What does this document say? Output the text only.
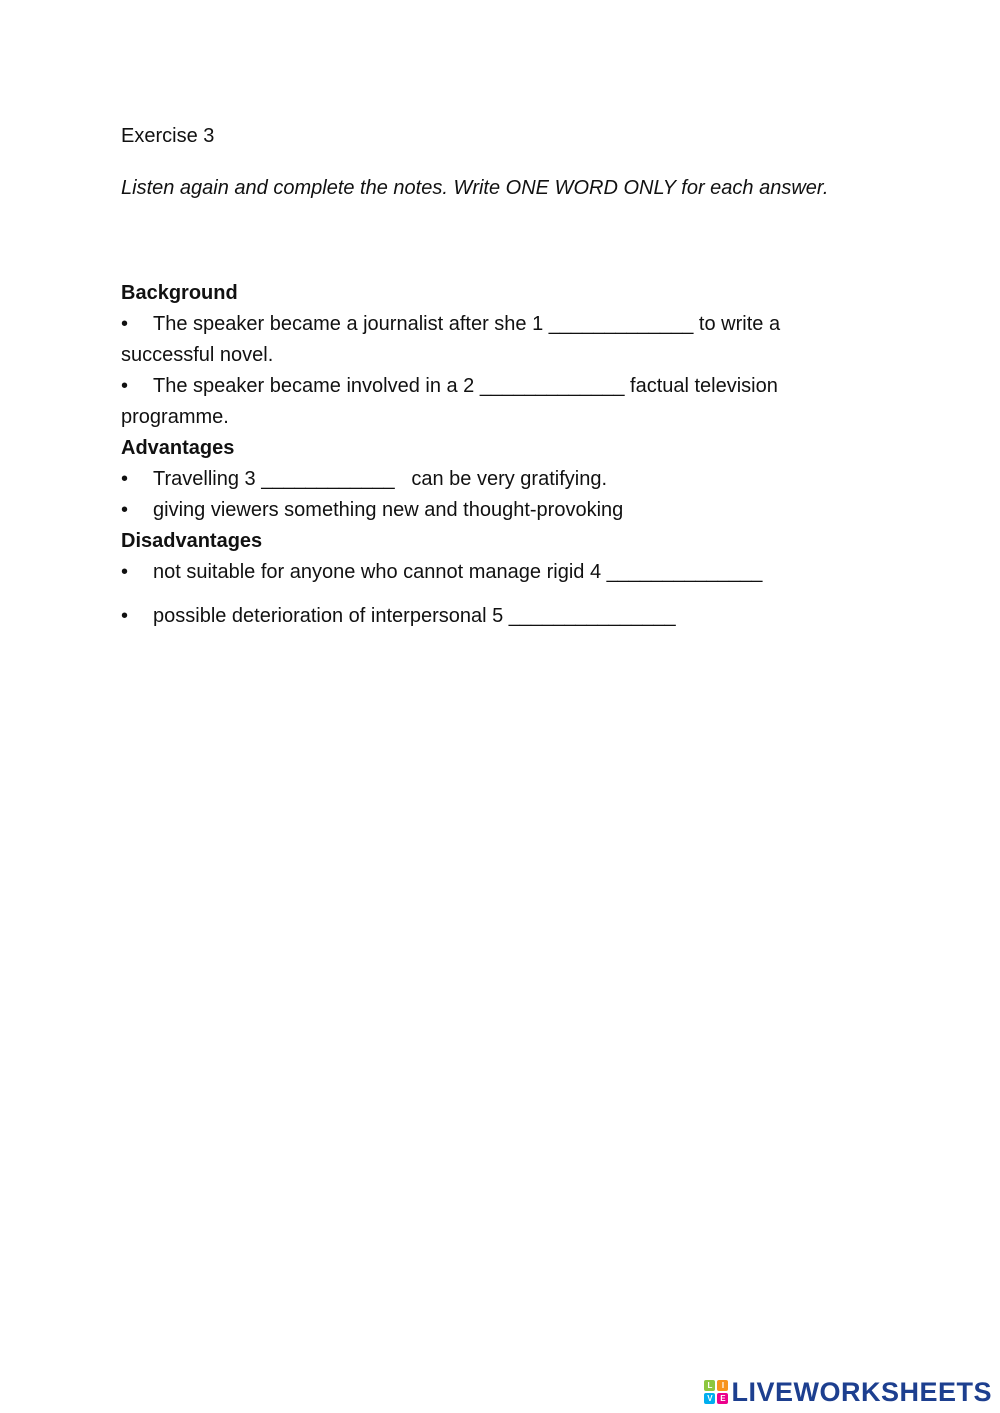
Exercise 3

Listen again and complete the notes. Write ONE WORD ONLY for each answer.

Background
• The speaker became a journalist after she 1 _____________ to write a
successful novel.
• The speaker became involved in a 2 _____________ factual television
programme.
Advantages
•	Travelling 3 ____________   can be very gratifying.
•	giving viewers something new and thought-provoking
Disadvantages
•	not suitable for anyone who cannot manage rigid 4 ______________
•	possible deterioration of interpersonal 5 _______________
L	I
V E LIVEWORKSHEETS
